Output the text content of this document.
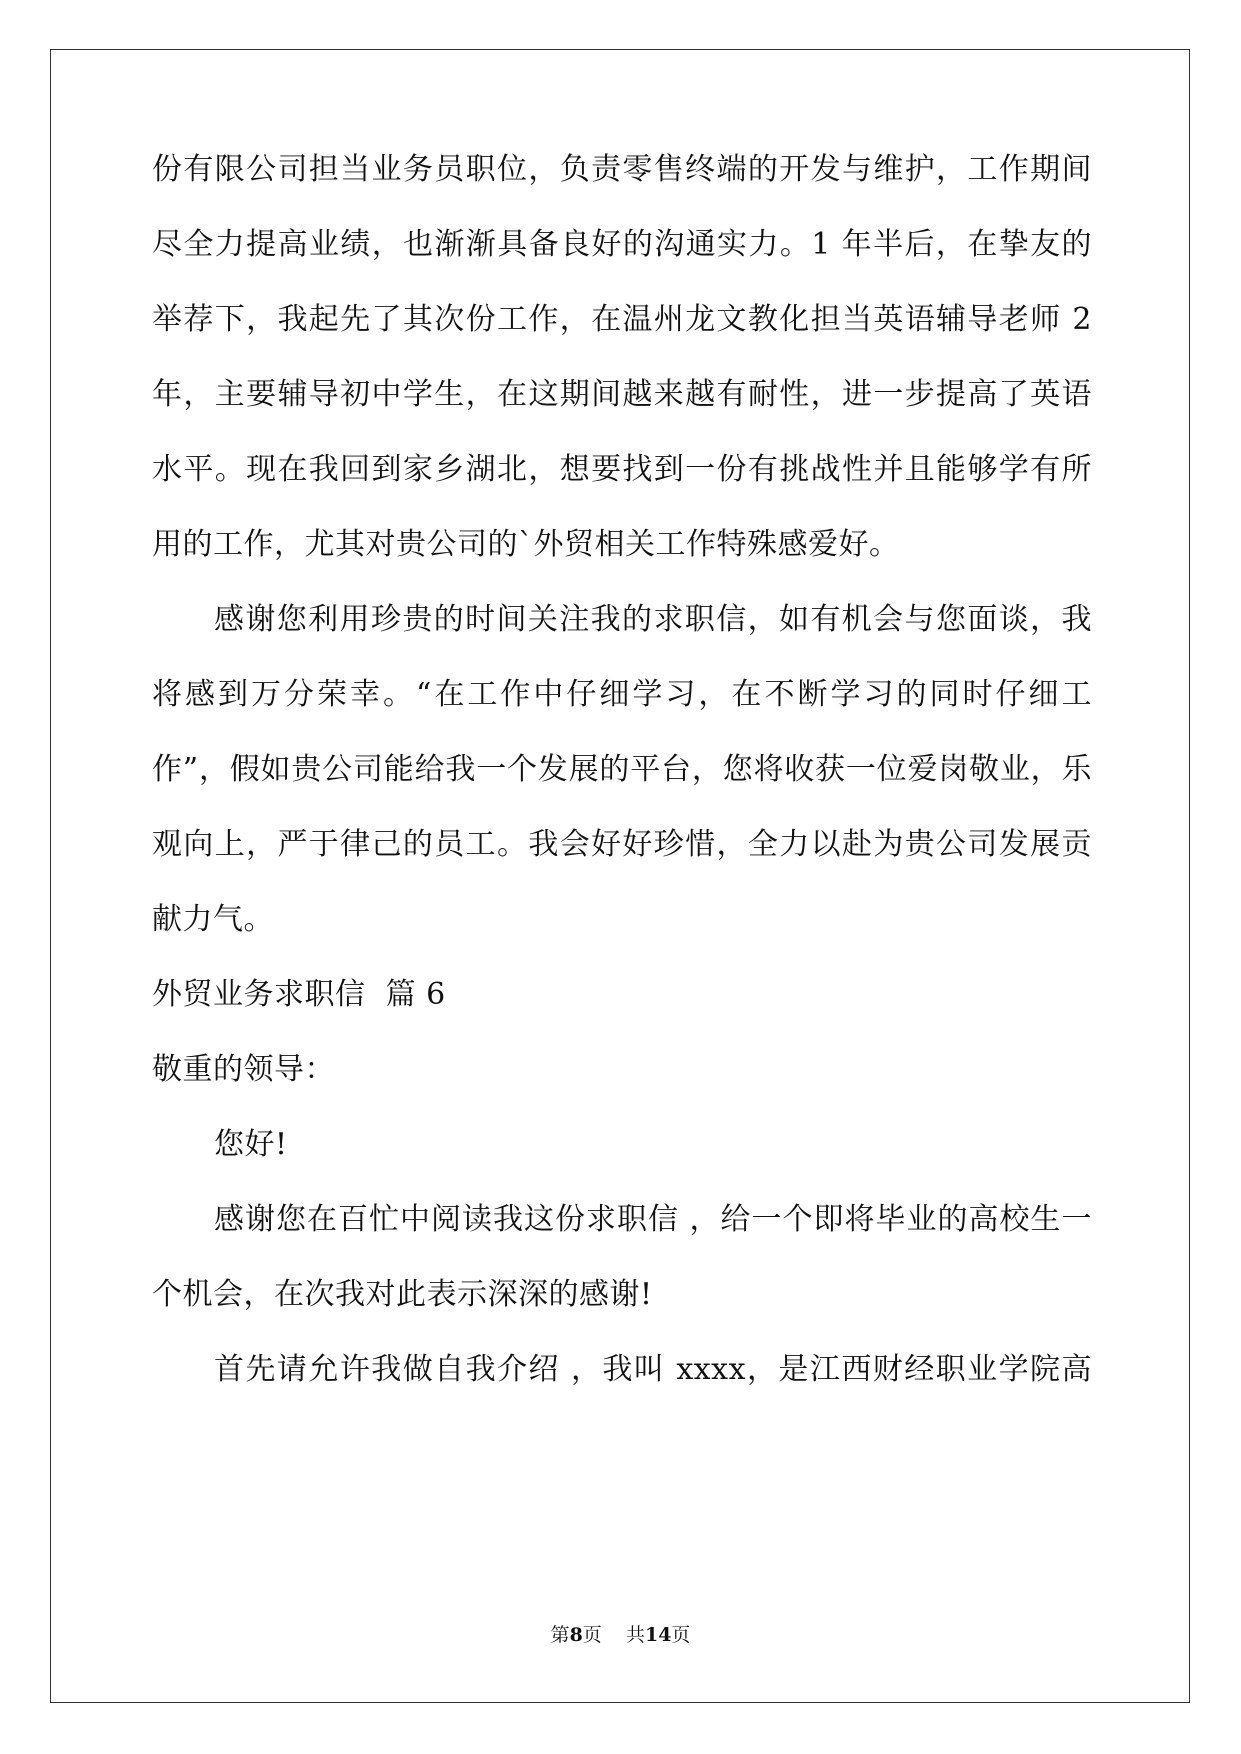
份有限公司担当业务员职位，负责零售终端的开发与维护，工作期间
尽全力提高业绩，也渐渐具备良好的沟通实力。1 年半后，在挚友的
举荐下，我起先了其次份工作，在温州龙文教化担当英语辅导老师 2
年，主要辅导初中学生，在这期间越来越有耐性，进一步提高了英语
水平。现在我回到家乡湖北，想要找到一份有挑战性并且能够学有所
用的工作，尤其对贵公司的`外贸相关工作特殊感爱好。
感谢您利用珍贵的时间关注我的求职信，如有机会与您面谈，我
将感到万分荣幸。“在工作中仔细学习，在不断学习的同时仔细工
作”，假如贵公司能给我一个发展的平台，您将收获一位爱岗敬业，乐
观向上，严于律己的员工。我会好好珍惜，全力以赴为贵公司发展贡
献力气。
外贸业务求职信  篇 6
敬重的领导：
您好!
感谢您在百忙中阅读我这份求职信 ，给一个即将毕业的高校生一
个机会，在次我对此表示深深的感谢!
首先请允许我做自我介绍 ，我叫 xxxx，是江西财经职业学院高
第8页    共14页
